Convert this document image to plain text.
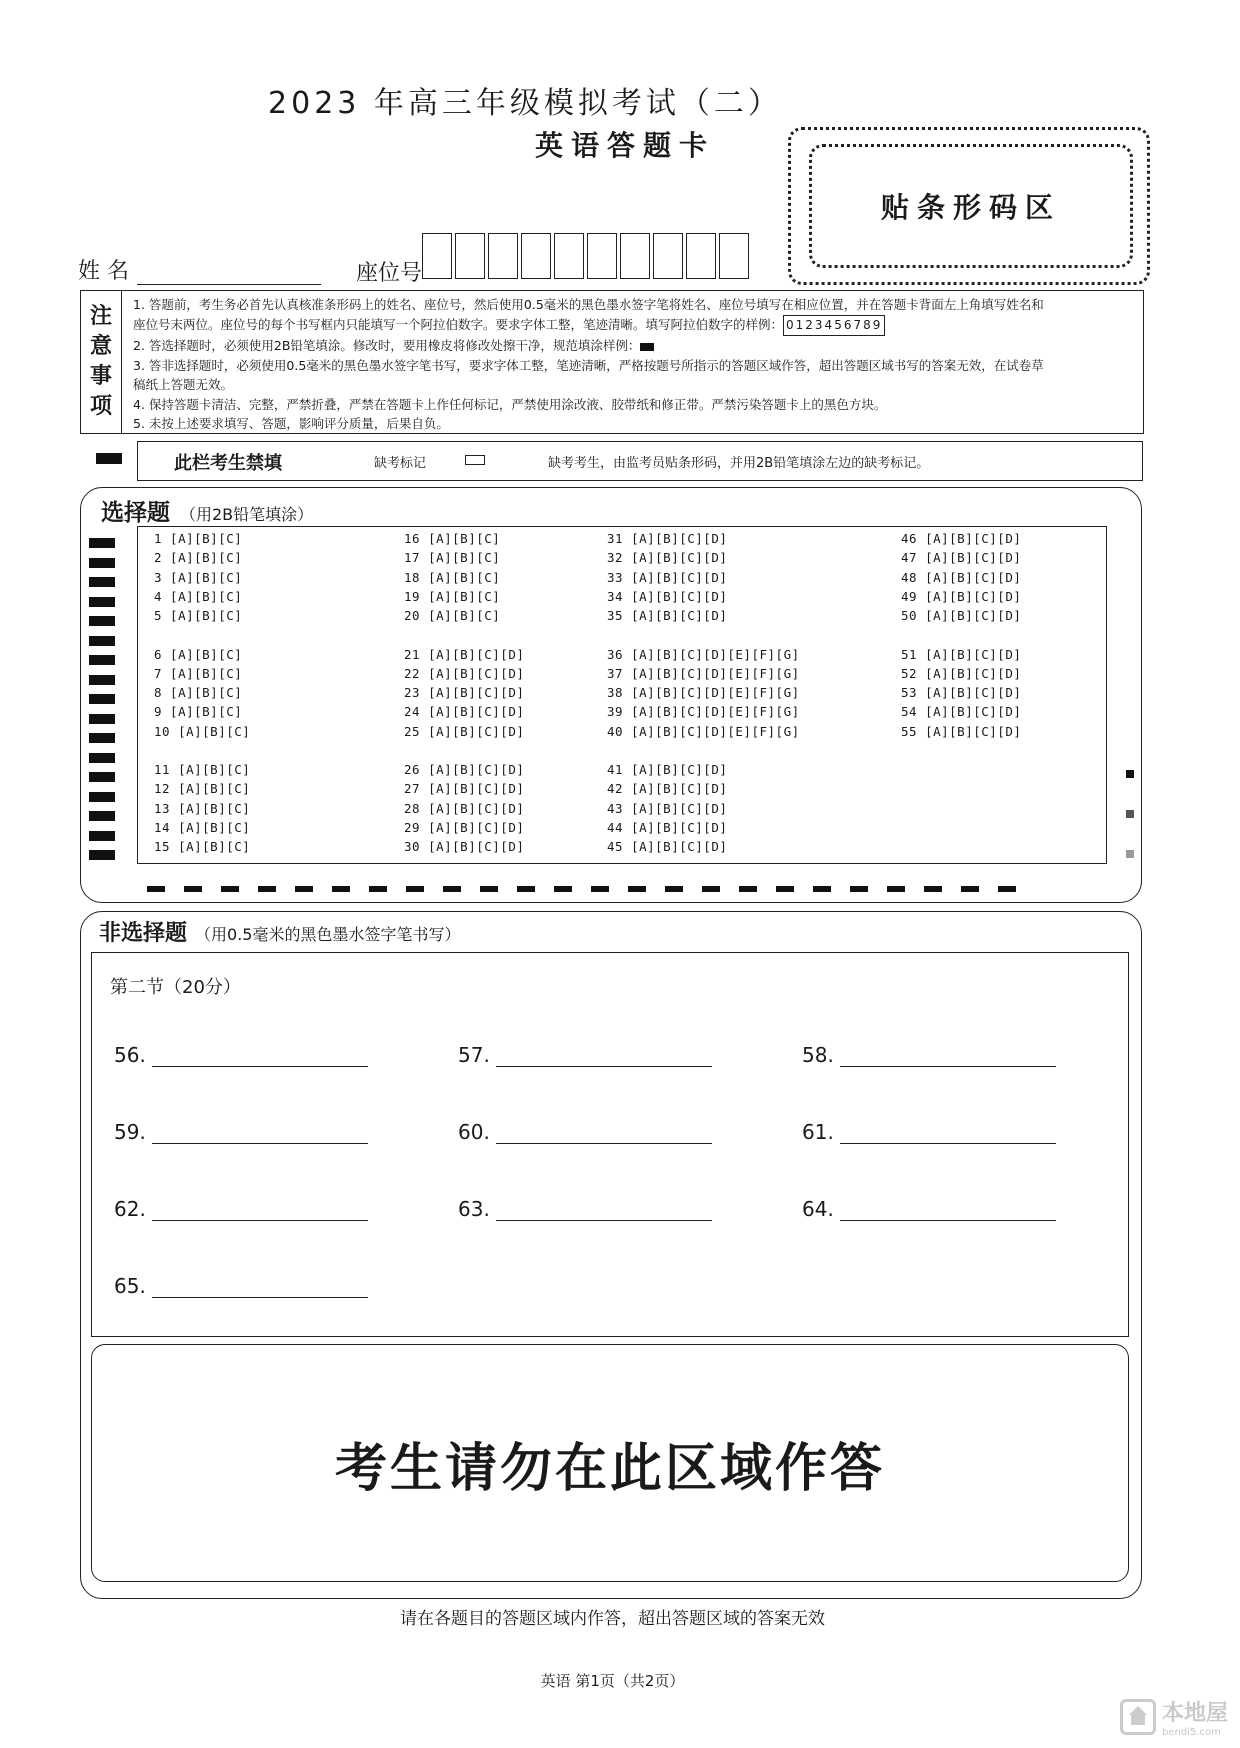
2023 年高三年级模拟考试（二）
英语答题卡
贴条形码区
姓 名	座位号
注
意
事
项
1. 答题前，考生务必首先认真核准条形码上的姓名、座位号，然后使用0.5毫米的黑色墨水签字笔将姓名、座位号填写在相应位置，并在答题卡背面左上角填写姓名和
座位号末两位。座位号的每个书写框内只能填写一个阿拉伯数字。要求字体工整，笔迹清晰。填写阿拉伯数字的样例： 0123456789
2. 答选择题时，必须使用2B铅笔填涂。修改时，要用橡皮将修改处擦干净，规范填涂样例：
3. 答非选择题时，必须使用0.5毫米的黑色墨水签字笔书写，要求字体工整，笔迹清晰，严格按题号所指示的答题区域作答，超出答题区域书写的答案无效，在试卷草
稿纸上答题无效。
4. 保持答题卡清洁、完整，严禁折叠，严禁在答题卡上作任何标记，严禁使用涂改液、胶带纸和修正带。严禁污染答题卡上的黑色方块。
5. 未按上述要求填写、答题，影响评分质量，后果自负。
此栏考生禁填	缺考标记	缺考考生，由监考员贴条形码，并用2B铅笔填涂左边的缺考标记。
选择题 （用2B铅笔填涂）
1 [A][B][C]	16 [A][B][C]	31 [A][B][C][D]	46 [A][B][C][D]
2 [A][B][C]	17 [A][B][C]	32 [A][B][C][D]	47 [A][B][C][D]
3 [A][B][C]	18 [A][B][C]	33 [A][B][C][D]	48 [A][B][C][D]
4 [A][B][C]	19 [A][B][C]	34 [A][B][C][D]	49 [A][B][C][D]
5 [A][B][C]	20 [A][B][C]	35 [A][B][C][D]	50 [A][B][C][D]
6 [A][B][C]	21 [A][B][C][D]	36 [A][B][C][D][E][F][G]	51 [A][B][C][D]
7 [A][B][C]	22 [A][B][C][D]	37 [A][B][C][D][E][F][G]	52 [A][B][C][D]
8 [A][B][C]	23 [A][B][C][D]	38 [A][B][C][D][E][F][G]	53 [A][B][C][D]
9 [A][B][C]	24 [A][B][C][D]	39 [A][B][C][D][E][F][G]	54 [A][B][C][D]
10 [A][B][C]	25 [A][B][C][D]	40 [A][B][C][D][E][F][G]	55 [A][B][C][D]
11 [A][B][C]	26 [A][B][C][D]	41 [A][B][C][D]
12 [A][B][C]	27 [A][B][C][D]	42 [A][B][C][D]
13 [A][B][C]	28 [A][B][C][D]	43 [A][B][C][D]
14 [A][B][C]	29 [A][B][C][D]	44 [A][B][C][D]
15 [A][B][C]	30 [A][B][C][D]	45 [A][B][C][D]
非选择题 （用0.5毫米的黑色墨水签字笔书写）
第二节（20分）
56.	57.	58.
59.	60.	61.
62.	63.	64.
65.
考生请勿在此区域作答
请在各题目的答题区域内作答，超出答题区域的答案无效
英语 第1页（共2页）
本地屋
bendi5.com
